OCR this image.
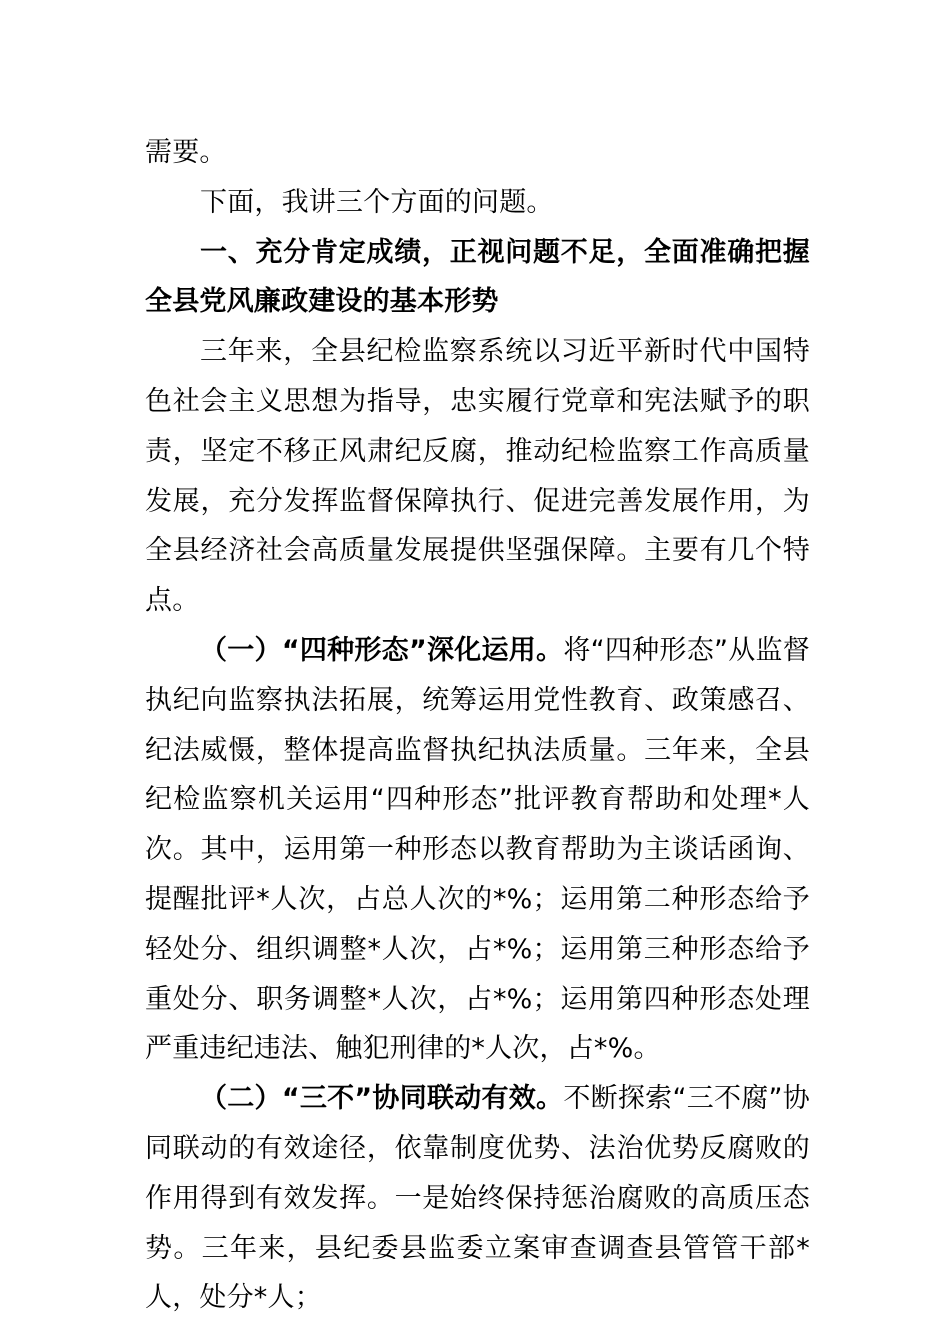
需要。

下面，我讲三个方面的问题。

一、充分肯定成绩，正视问题不足，全面准确把握全县党风廉政建设的基本形势

三年来，全县纪检监察系统以习近平新时代中国特色社会主义思想为指导，忠实履行党章和宪法赋予的职责，坚定不移正风肃纪反腐，推动纪检监察工作高质量发展，充分发挥监督保障执行、促进完善发展作用，为全县经济社会高质量发展提供坚强保障。主要有几个特点。

（一）“四种形态”深化运用。将“四种形态”从监督执纪向监察执法拓展，统筹运用党性教育、政策感召、纪法威慑，整体提高监督执纪执法质量。三年来，全县纪检监察机关运用“四种形态”批评教育帮助和处理*人次。其中，运用第一种形态以教育帮助为主谈话函询、提醒批评*人次，占总人次的*%；运用第二种形态给予轻处分、组织调整*人次，占*%；运用第三种形态给予重处分、职务调整*人次，占*%；运用第四种形态处理严重违纪违法、触犯刑律的*人次，占*%。

（二）“三不”协同联动有效。不断探索“三不腐”协同联动的有效途径，依靠制度优势、法治优势反腐败的作用得到有效发挥。一是始终保持惩治腐败的高质压态势。三年来，县纪委县监委立案审查调查县管管干部*人，处分*人；
